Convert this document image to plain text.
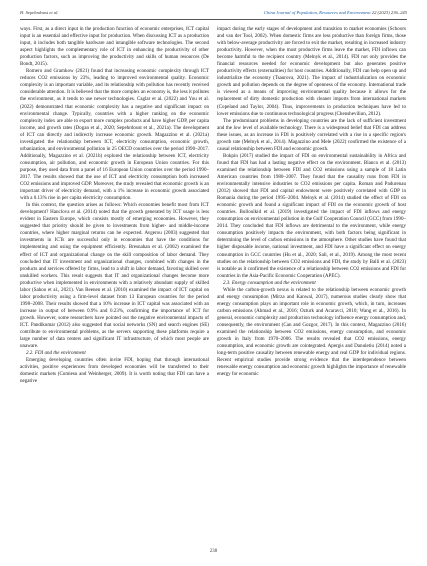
H. Sepehrdoust et al.	China Journal of Population, Resources and Environment 22 (2023) 236–245

ways. First, as a direct input in the production function of economic enterprises, ICT capital input is an essential and effective input for production. When discussing ICT as a production input, it includes both tangible hardware and intangible software technologies. The second aspect highlights the complementary role of ICT in enhancing the productivity of other production factors, such as improving the productivity and skills of human resources (De Bondt, 2015).

Romero and Gramkow (2021) found that increasing economic complexity through ICT reduces CO2 emissions by 23%, leading to improved environmental quality. Economic complexity is an important variable, and its relationship with pollution has recently received considerable attention. It is believed that the more complex an economy is, the less it pollutes the environment, as it tends to use newer technologies. Caglar et al. (2022) and You et al. (2022) demonstrated that economic complexity has a negative and significant impact on environmental change. Typically, countries with a higher ranking on the economic complexity index are able to export more complex products and have higher GDP, per capita income, and growth rates (Dogan et al., 2020; Sepehrdoust et al., 2021a). The development of ICT can directly and indirectly increase economic growth. Magazzino et al. (2021a) investigated the relationship between ICT, electricity consumption, economic growth, urbanization, and environmental pollution in 25 OECD countries over the period 1990–2017. Additionally, Magazzino et al. (2021b) explored the relationship between ICT, electricity consumption, air pollution, and economic growth in European Union countries. For this purpose, they used data from a panel of 16 European Union countries over the period 1990–2017. The results showed that the use of ICT and electricity consumption both increased CO2 emissions and improved GDP. Moreover, the study revealed that economic growth is an important driver of electricity demand, with a 1% increase in economic growth associated with a 0.13% rise in per capita electricity consumption.

In this context, the question arises as follows: Which economies benefit most from ICT development? Hanclova et al. (2014) noted that the growth generated by ICT usage is less evident in Eastern Europe, which consists mostly of emerging economies. However, they suggested that priority should be given to investments from higher- and middle-income countries, where higher marginal returns can be expected. Avgerou (2003) suggested that investments in ICTs are successful only in economies that have the conditions for implementing and using the equipment efficiently. Bresnahan et al. (2002) examined the effect of ICT and organizational change on the skill composition of labor demand. They concluded that IT investment and organizational changes, combined with changes in the products and services offered by firms, lead to a shift in labor demand, favoring skilled over unskilled workers. This result suggests that IT and organizational changes become more productive when implemented in environments with a relatively abundant supply of skilled labor (Sahoo et al., 2021). Van Reenen et al. (2010) examined the impact of ICT capital on labor productivity using a firm-level dataset from 13 European countries for the period 1998–2008. Their results showed that a 10% increase in ICT capital was associated with an increase in output of between 0.9% and 0.23%, confirming the importance of ICT for growth. However, some researchers have pointed out the negative environmental impacts of ICT. Pandikumar (2012) also suggested that social networks (SN) and search engines (SE) contribute to environmental problems, as the servers supporting these platforms require a large number of data centers and significant IT infrastructure, of which most people are unaware.

2.2. FDI and the environment

Emerging developing countries often invite FDI, hoping that through international activities, positive experiences from developed economies will be transferred to their domestic markets (Comiesu and Weinberger, 2009). It is worth noting that FDI can have a negative

impact during the early stages of development and transition to market economies (Schoors and van der Tool, 2002). When domestic firms are less productive than foreign firms, those with below-average productivity are forced to exit the market, resulting in increased industry productivity. However, when the most productive firms leave the market, FDI inflows can become harmful to the recipient country (Melnyk et al., 2014). FDI not only provides the financial resources needed for economic development but also generates positive productivity effects (externalities) for host countries. Additionally, FDI can help open up and industrialize the economy (Tsaurova, 2021). The impact of industrialization on economic growth and pollution depends on the degree of openness of the economy. International trade is viewed as a means of improving environmental quality because it allows for the replacement of dirty domestic production with cleaner imports from international markets (Copeland and Taylor, 2004). Thus, improvements in production techniques have led to lower emissions due to continuous technological progress (Chensheviliun, 2012).

The predominant problems in developing countries are the lack of sufficient investment and the low level of available technology. There is a widespread belief that FDI can address these issues, as an increase in FDI is positively correlated with a rise in a specific region's growth rate (Melnyk et al., 2014). Magazzino and Mele (2022) confirmed the existence of a causal relationship between FDI and economic growth.

Bokpin (2017) studied the impact of FDI on environmental sustainability in Africa and found that FDI has had a lasting negative effect on the environment. Blanco et al. (2013) examined the relationship between FDI and CO2 emissions using a sample of 18 Latin American countries from 1980–2007. They found that the causality runs from FDI in environmentally intensive industries to CO2 emissions per capita. Roman and Padurenau (2012) showed that FDI and capital endowment were positively correlated with GDP in Romania during the period 1995–2004. Melnyk et al. (2014) studied the effect of FDI on economic growth and found a significant impact of FDI on the economic growth of host countries. Bulloulkid et al. (2019) investigated the impact of FDI inflows and energy consumption on environmental pollution in the Gulf Cooperation Council (GCC) from 1990–2014. They concluded that FDI inflows are detrimental to the environment, while energy consumption positively impacts the environment, with both factors being significant in determining the level of carbon emissions in the atmosphere. Other studies have found that higher disposable income, national investment, and FDI have a significant effect on energy consumption in GCC countries (Hu et al., 2020; Sali, et al., 2019). Among the most recent studies on the relationship between CO2 emissions and FDI, the study by Balli et al. (2023) is notable as it confirmed the existence of a relationship between CO2 emissions and FDI for countries in the Asia-Pacific Economic Cooperation (APEC).

2.3. Energy consumption and the environment

While the carbon-growth nexus is related to the relationship between economic growth and energy consumption (Mirza and Kanwal, 2017), numerous studies clearly show that energy consumption plays an important role in economic growth, which, in turn, increases carbon emissions (Ahmad et al., 2016; Ozturk and Acaravci, 2010; Wang et al., 2016). In general, economic complexity and production technology influence energy consumption and, consequently, the environment (Can and Gozgor, 2017). In this context, Magazzino (2016) examined the relationship between CO2 emissions, energy consumption, and economic growth in Italy from 1970–2006. The results revealed that CO2 emissions, energy consumption, and economic growth are cointegrated. Apergis and Danuletiu (2014) noted a long-term positive causality between renewable energy and real GDP for individual regions. Recent empirical studies provide strong evidence that the interdependence between renewable energy consumption and economic growth highlights the importance of renewable energy for economic

238
